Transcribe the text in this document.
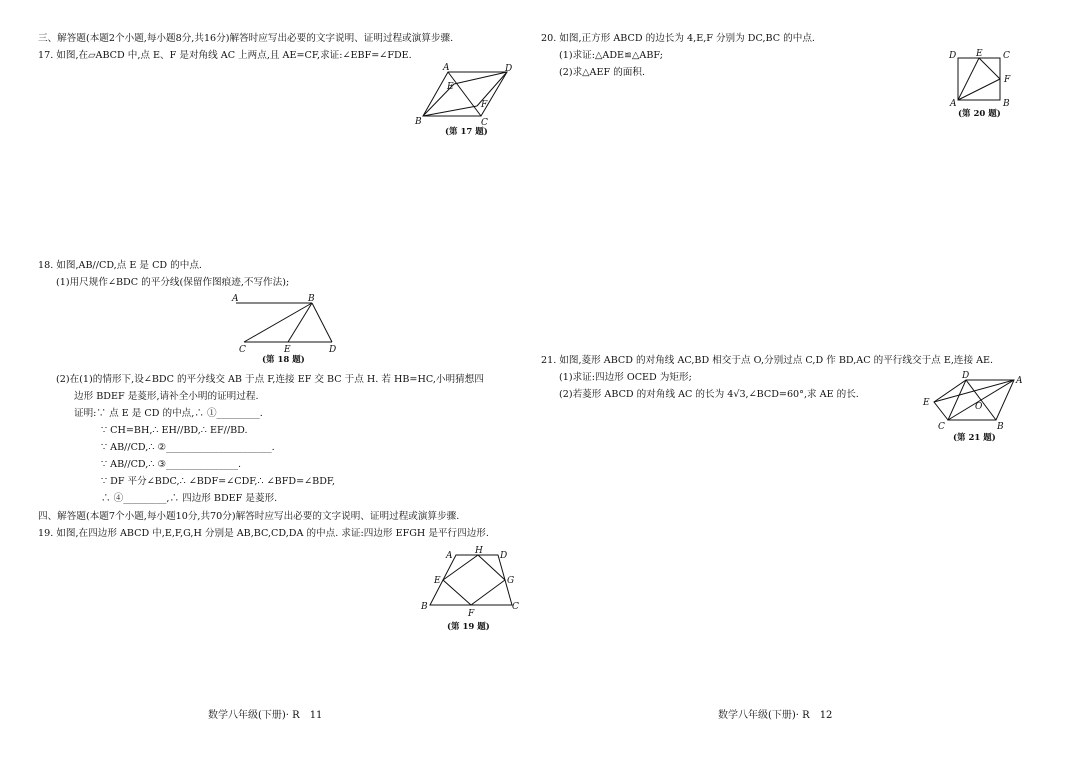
三、解答题(本题2个小题,每小题8分,共16分)解答时应写出必要的文字说明、证明过程或演算步骤.
17. 如图,在▱ABCD 中,点 E、F 是对角线 AC 上两点,且 AE=CF,求证:∠EBF=∠FDE.
A	D
B	C
E
F
(第 17 题)
18. 如图,AB//CD,点 E 是 CD 的中点.
(1)用尺规作∠BDC 的平分线(保留作图痕迹,不写作法);
A	B
C	E	D
(第 18 题)
(2)在(1)的情形下,设∠BDC 的平分线交 AB 于点 F,连接 EF 交 BC 于点 H. 若 HB=HC,小明猜想四
边形 BDEF 是菱形,请补全小明的证明过程.
证明:∵ 点 E 是 CD 的中点,∴ ①_________.
∵ CH=BH,∴ EH//BD,∴ EF//BD.
∵ AB//CD,∴ ②______________________.
∵ AB//CD,∴ ③_______________.
∵ DF 平分∠BDC,∴ ∠BDF=∠CDF,∴ ∠BFD=∠BDF,
∴ ④_________,∴ 四边形 BDEF 是菱形.
四、解答题(本题7个小题,每小题10分,共70分)解答时应写出必要的文字说明、证明过程或演算步骤.
19. 如图,在四边形 ABCD 中,E,F,G,H 分别是 AB,BC,CD,DA 的中点. 求证:四边形 EFGH 是平行四边形.
A	H D
E	G
B
F
C
(第 19 题)
数学八年级(下册)· R　11
20. 如图,正方形 ABCD 的边长为 4,E,F 分别为 DC,BC 的中点.
(1)求证:△ADE≌△ABF;
(2)求△AEF 的面积.
D E C
F
A	B
(第 20 题)
21. 如图,菱形 ABCD 的对角线 AC,BD 相交于点 O,分别过点 C,D 作 BD,AC 的平行线交于点 E,连接 AE.
(1)求证:四边形 OCED 为矩形;
(2)若菱形 ABCD 的对角线 AC 的长为 4√3,∠BCD=60°,求 AE 的长.
D	A
E	O
C	B
(第 21 题)
数学八年级(下册)· R　12
